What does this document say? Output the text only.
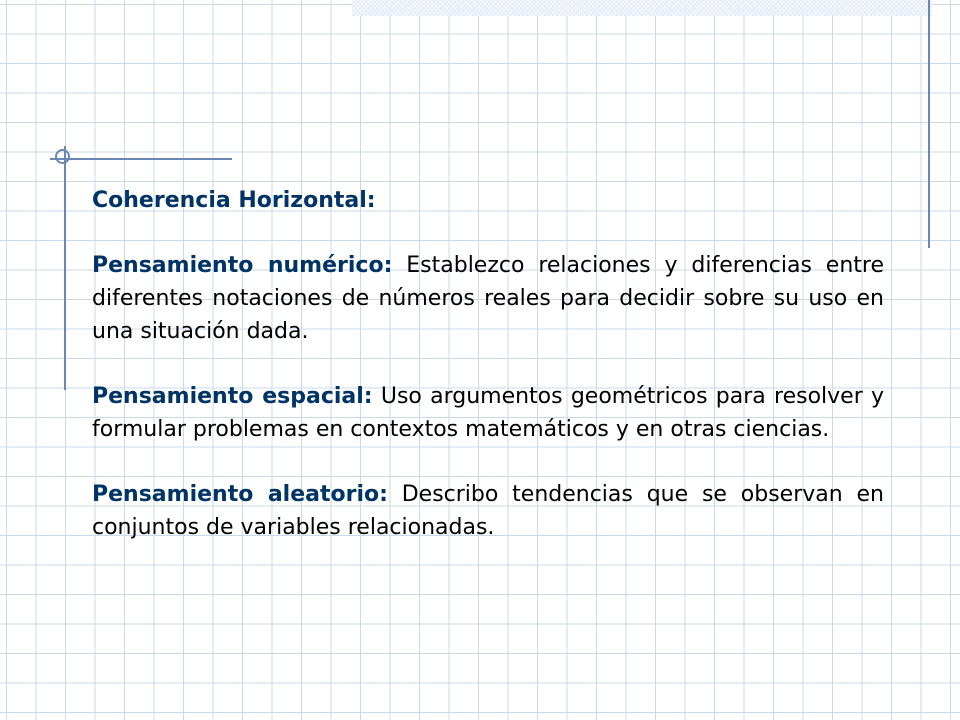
Coherencia Horizontal:

Pensamiento numérico: Establezco relaciones y diferencias entre diferentes notaciones de números reales para decidir sobre su uso en una situación dada.

Pensamiento espacial: Uso argumentos geométricos para resolver y formular problemas en contextos matemáticos y en otras ciencias.

Pensamiento aleatorio: Describo tendencias que se observan en conjuntos de variables relacionadas.
